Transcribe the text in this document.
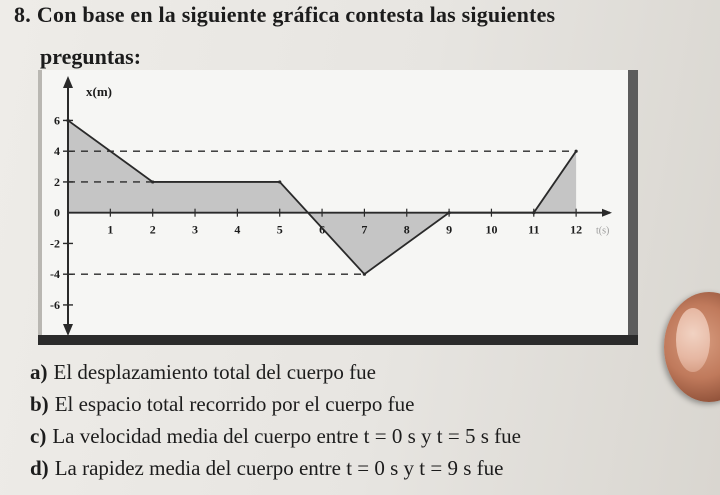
8. Con base en la siguiente gráfica contesta las siguientes
preguntas:
6
4
2
0
-2
-4
-6
1	2	3	4	5	6	7	8	9	10	11	12
x(m)
t(s)
a) El desplazamiento total del cuerpo fue
b) El espacio total recorrido por el cuerpo fue
c) La velocidad media del cuerpo entre t = 0 s y t = 5 s fue
d) La rapidez media del cuerpo entre t = 0 s y t = 9 s fue
